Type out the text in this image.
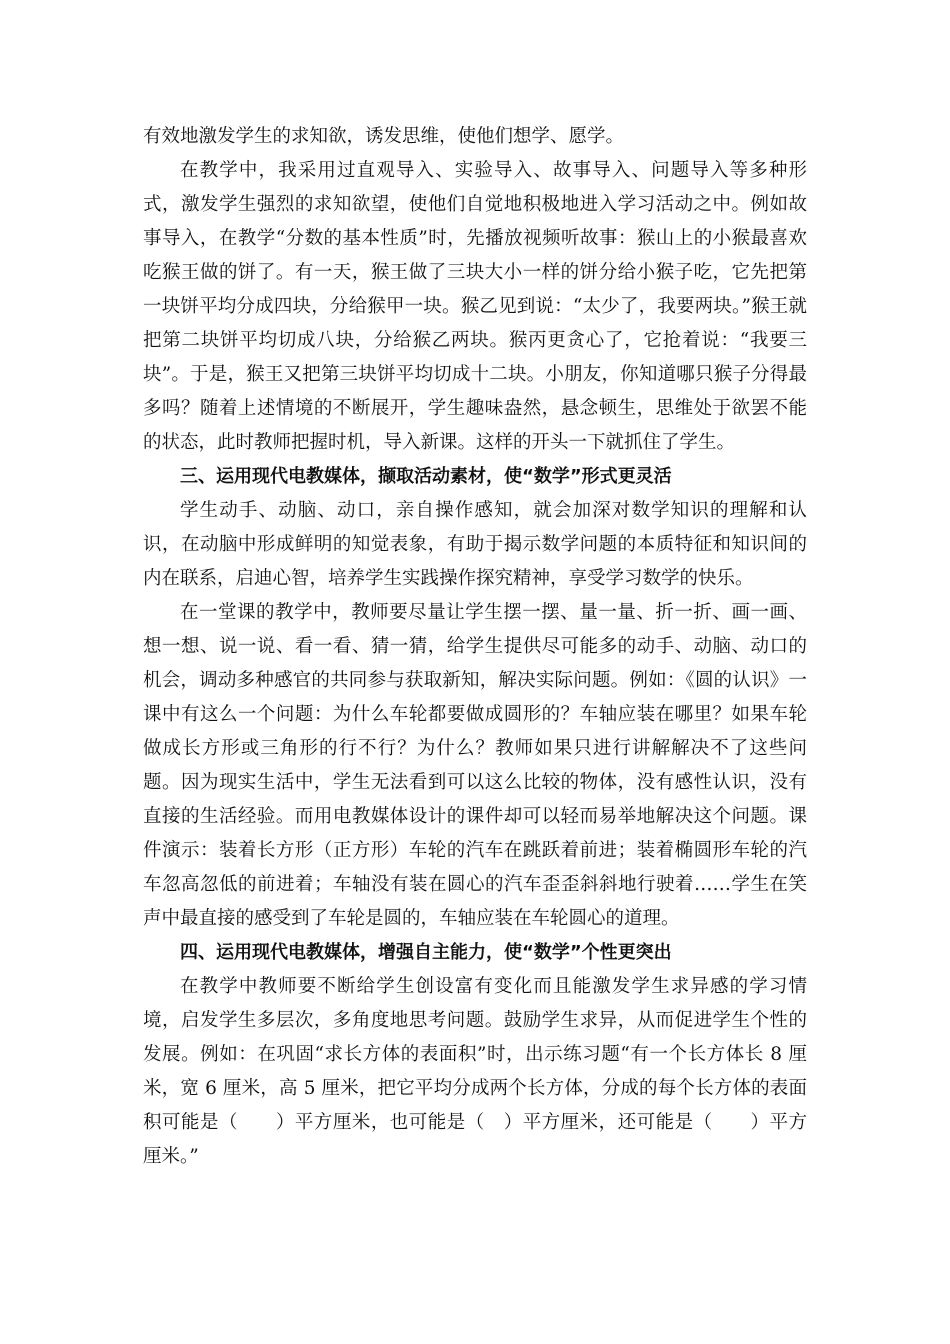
有效地激发学生的求知欲，诱发思维，使他们想学、愿学。

在教学中，我采用过直观导入、实验导入、故事导入、问题导入等多种形式，激发学生强烈的求知欲望，使他们自觉地积极地进入学习活动之中。例如故事导入，在教学“分数的基本性质”时，先播放视频听故事：猴山上的小猴最喜欢吃猴王做的饼了。有一天，猴王做了三块大小一样的饼分给小猴子吃，它先把第一块饼平均分成四块，分给猴甲一块。猴乙见到说：“太少了，我要两块。”猴王就把第二块饼平均切成八块，分给猴乙两块。猴丙更贪心了，它抢着说：“我要三块”。于是，猴王又把第三块饼平均切成十二块。小朋友，你知道哪只猴子分得最多吗？随着上述情境的不断展开，学生趣味盎然，悬念顿生，思维处于欲罢不能的状态，此时教师把握时机，导入新课。这样的开头一下就抓住了学生。

三、运用现代电教媒体，撷取活动素材，使“数学”形式更灵活

学生动手、动脑、动口，亲自操作感知，就会加深对数学知识的理解和认识，在动脑中形成鲜明的知觉表象，有助于揭示数学问题的本质特征和知识间的内在联系，启迪心智，培养学生实践操作探究精神，享受学习数学的快乐。

在一堂课的教学中，教师要尽量让学生摆一摆、量一量、折一折、画一画、想一想、说一说、看一看、猜一猜，给学生提供尽可能多的动手、动脑、动口的机会，调动多种感官的共同参与获取新知，解决实际问题。例如：《圆的认识》一课中有这么一个问题：为什么车轮都要做成圆形的？车轴应装在哪里？如果车轮做成长方形或三角形的行不行？为什么？教师如果只进行讲解解决不了这些问题。因为现实生活中，学生无法看到可以这么比较的物体，没有感性认识，没有直接的生活经验。而用电教媒体设计的课件却可以轻而易举地解决这个问题。课件演示：装着长方形（正方形）车轮的汽车在跳跃着前进；装着椭圆形车轮的汽车忽高忽低的前进着；车轴没有装在圆心的汽车歪歪斜斜地行驶着……学生在笑声中最直接的感受到了车轮是圆的，车轴应装在车轮圆心的道理。

四、运用现代电教媒体，增强自主能力，使“数学”个性更突出

在教学中教师要不断给学生创设富有变化而且能激发学生求异感的学习情境，启发学生多层次，多角度地思考问题。鼓励学生求异，从而促进学生个性的发展。例如：在巩固“求长方体的表面积”时，出示练习题“有一个长方体长 8 厘米，宽 6 厘米，高 5 厘米，把它平均分成两个长方体，分成的每个长方体的表面积可能是（　　）平方厘米，也可能是（　）平方厘米，还可能是（　　）平方厘米。”
